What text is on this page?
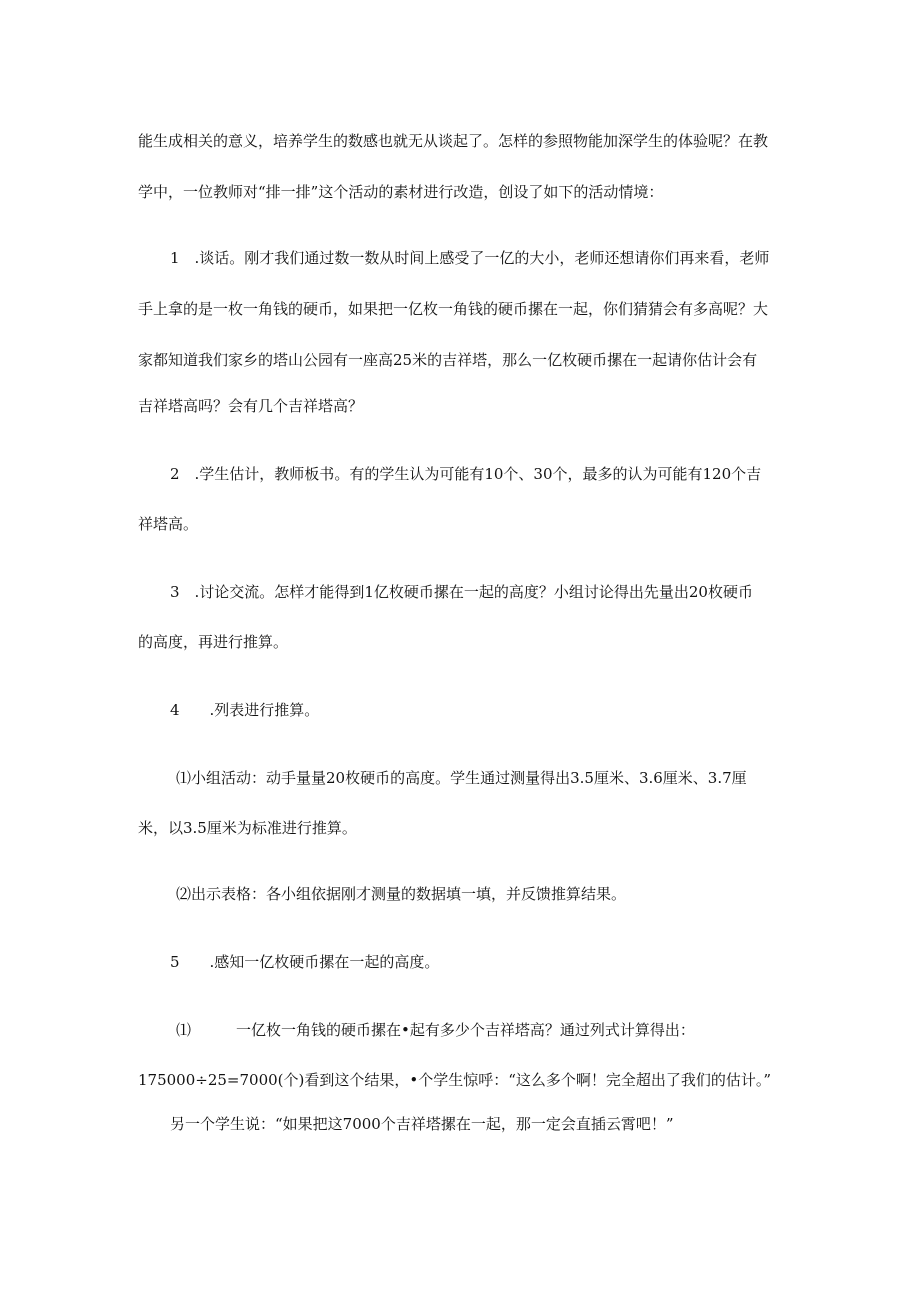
能生成相关的意义，培养学生的数感也就无从谈起了。怎样的参照物能加深学生的体验呢？在教

学中，一位教师对“排一排”这个活动的素材进行改造，创设了如下的活动情境：

1　.谈话。刚才我们通过数一数从时间上感受了一亿的大小，老师还想请你们再来看，老师

手上拿的是一枚一角钱的硬币，如果把一亿枚一角钱的硬币摞在一起，你们猜猜会有多高呢？大

家都知道我们家乡的塔山公园有一座高25米的吉祥塔，那么一亿枚硬币摞在一起请你估计会有

吉祥塔高吗？会有几个吉祥塔高？

2　.学生估计，教师板书。有的学生认为可能有10个、30个，最多的认为可能有120个吉

祥塔高。

3　.讨论交流。怎样才能得到1亿枚硬币摞在一起的高度？小组讨论得出先量出20枚硬币

的高度，再进行推算。

4　　.列表进行推算。

⑴小组活动：动手量量20枚硬币的高度。学生通过测量得出3.5厘米、3.6厘米、3.7厘

米，以3.5厘米为标准进行推算。

⑵出示表格：各小组依据刚才测量的数据填一填，并反馈推算结果。

5　　.感知一亿枚硬币摞在一起的高度。

⑴　　　一亿枚一角钱的硬币摞在•起有多少个吉祥塔高？通过列式计算得出：

175000÷25=7000(个)看到这个结果，•个学生惊呼：“这么多个啊！完全超出了我们的估计。”

另一个学生说：“如果把这7000个吉祥塔摞在一起，那一定会直插云霄吧！”
